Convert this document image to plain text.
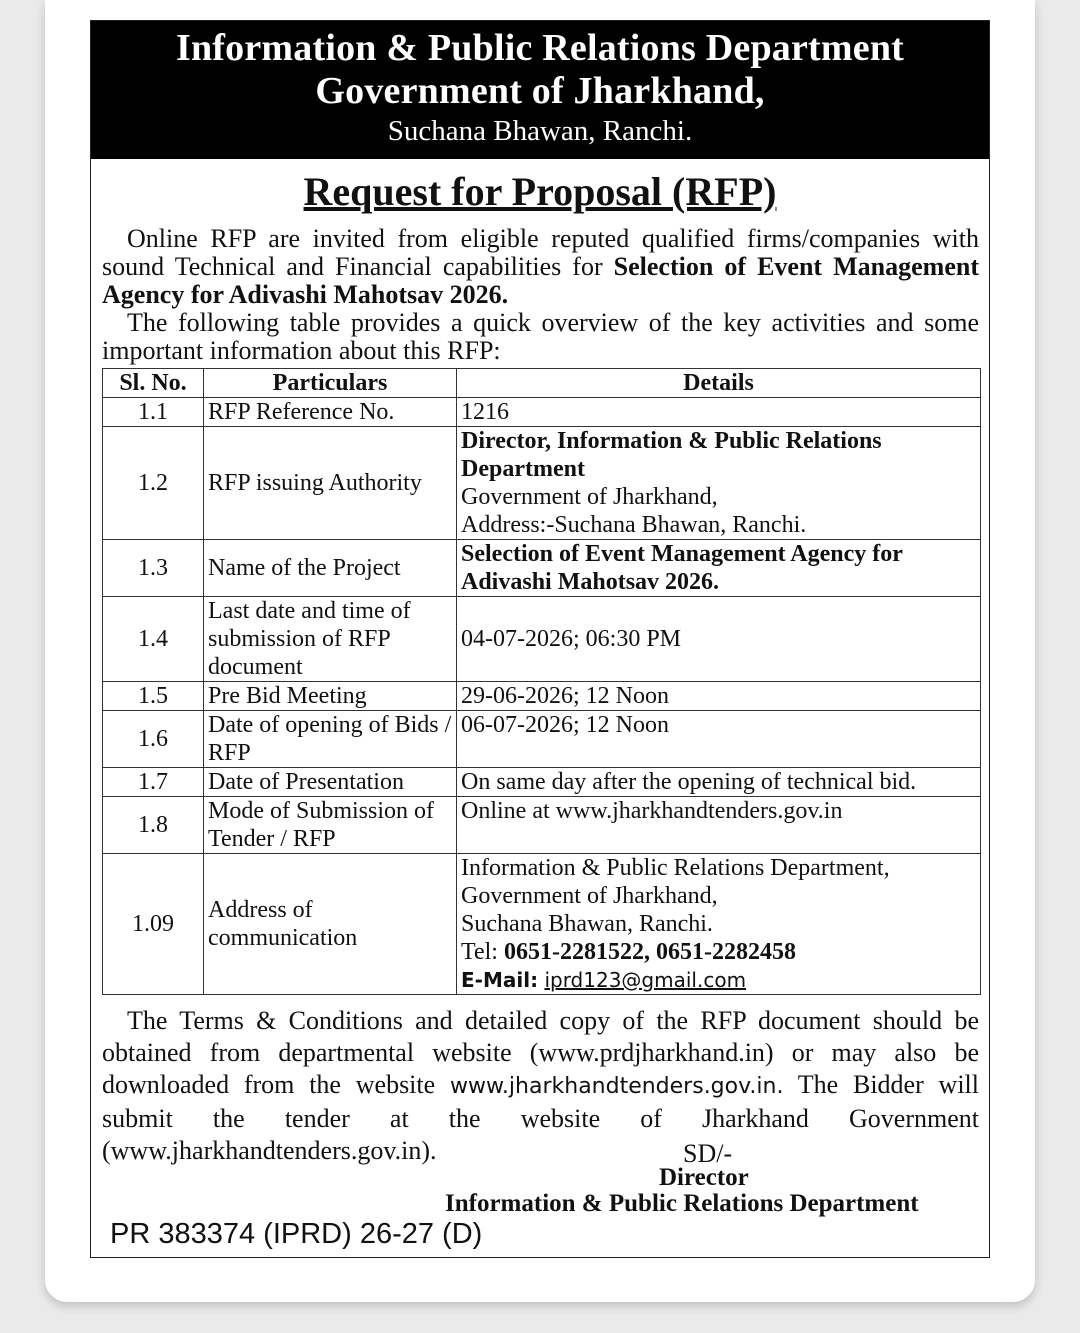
Information & Public Relations Department
Government of Jharkhand,
Suchana Bhawan, Ranchi.
Request for Proposal (RFP)

Online RFP are invited from eligible reputed qualified firms/companies with sound Technical and Financial capabilities for Selection of Event Management Agency for Adivashi Mahotsav 2026.

The following table provides a quick overview of the key activities and some important information about this RFP:

Sl. No.	Particulars	Details
1.1	RFP Reference No.	1216
1.2	RFP issuing Authority	Director, Information & Public Relations Department
Government of Jharkhand,
Address:-Suchana Bhawan, Ranchi.

1.3	Name of the Project	Selection of Event Management Agency for Adivashi Mahotsav 2026.
1.4	Last date and time of submission of RFP document	04-07-2026; 06:30 PM
1.5	Pre Bid Meeting	29-06-2026; 12 Noon
1.6	Date of opening of Bids / RFP	06-07-2026; 12 Noon
1.7	Date of Presentation	On same day after the opening of technical bid.
1.8	Mode of Submission of Tender / RFP	Online at www.jharkhandtenders.gov.in
1.09	Address of communication	Information & Public Relations Department,
Government of Jharkhand,
Suchana Bhawan, Ranchi.
Tel: 0651-2281522, 0651-2282458
E-Mail: iprd123@gmail.com

The Terms & Conditions and detailed copy of the RFP document should be obtained from departmental website (www.prdjharkhand.in) or may also be downloaded from the website www.jharkhandtenders.gov.in. The Bidder will submit the tender at the website of Jharkhand Government (www.jharkhandtenders.gov.in).	SD/-
Director
Information & Public Relations Department
PR 383374 (IPRD) 26-27 (D)
